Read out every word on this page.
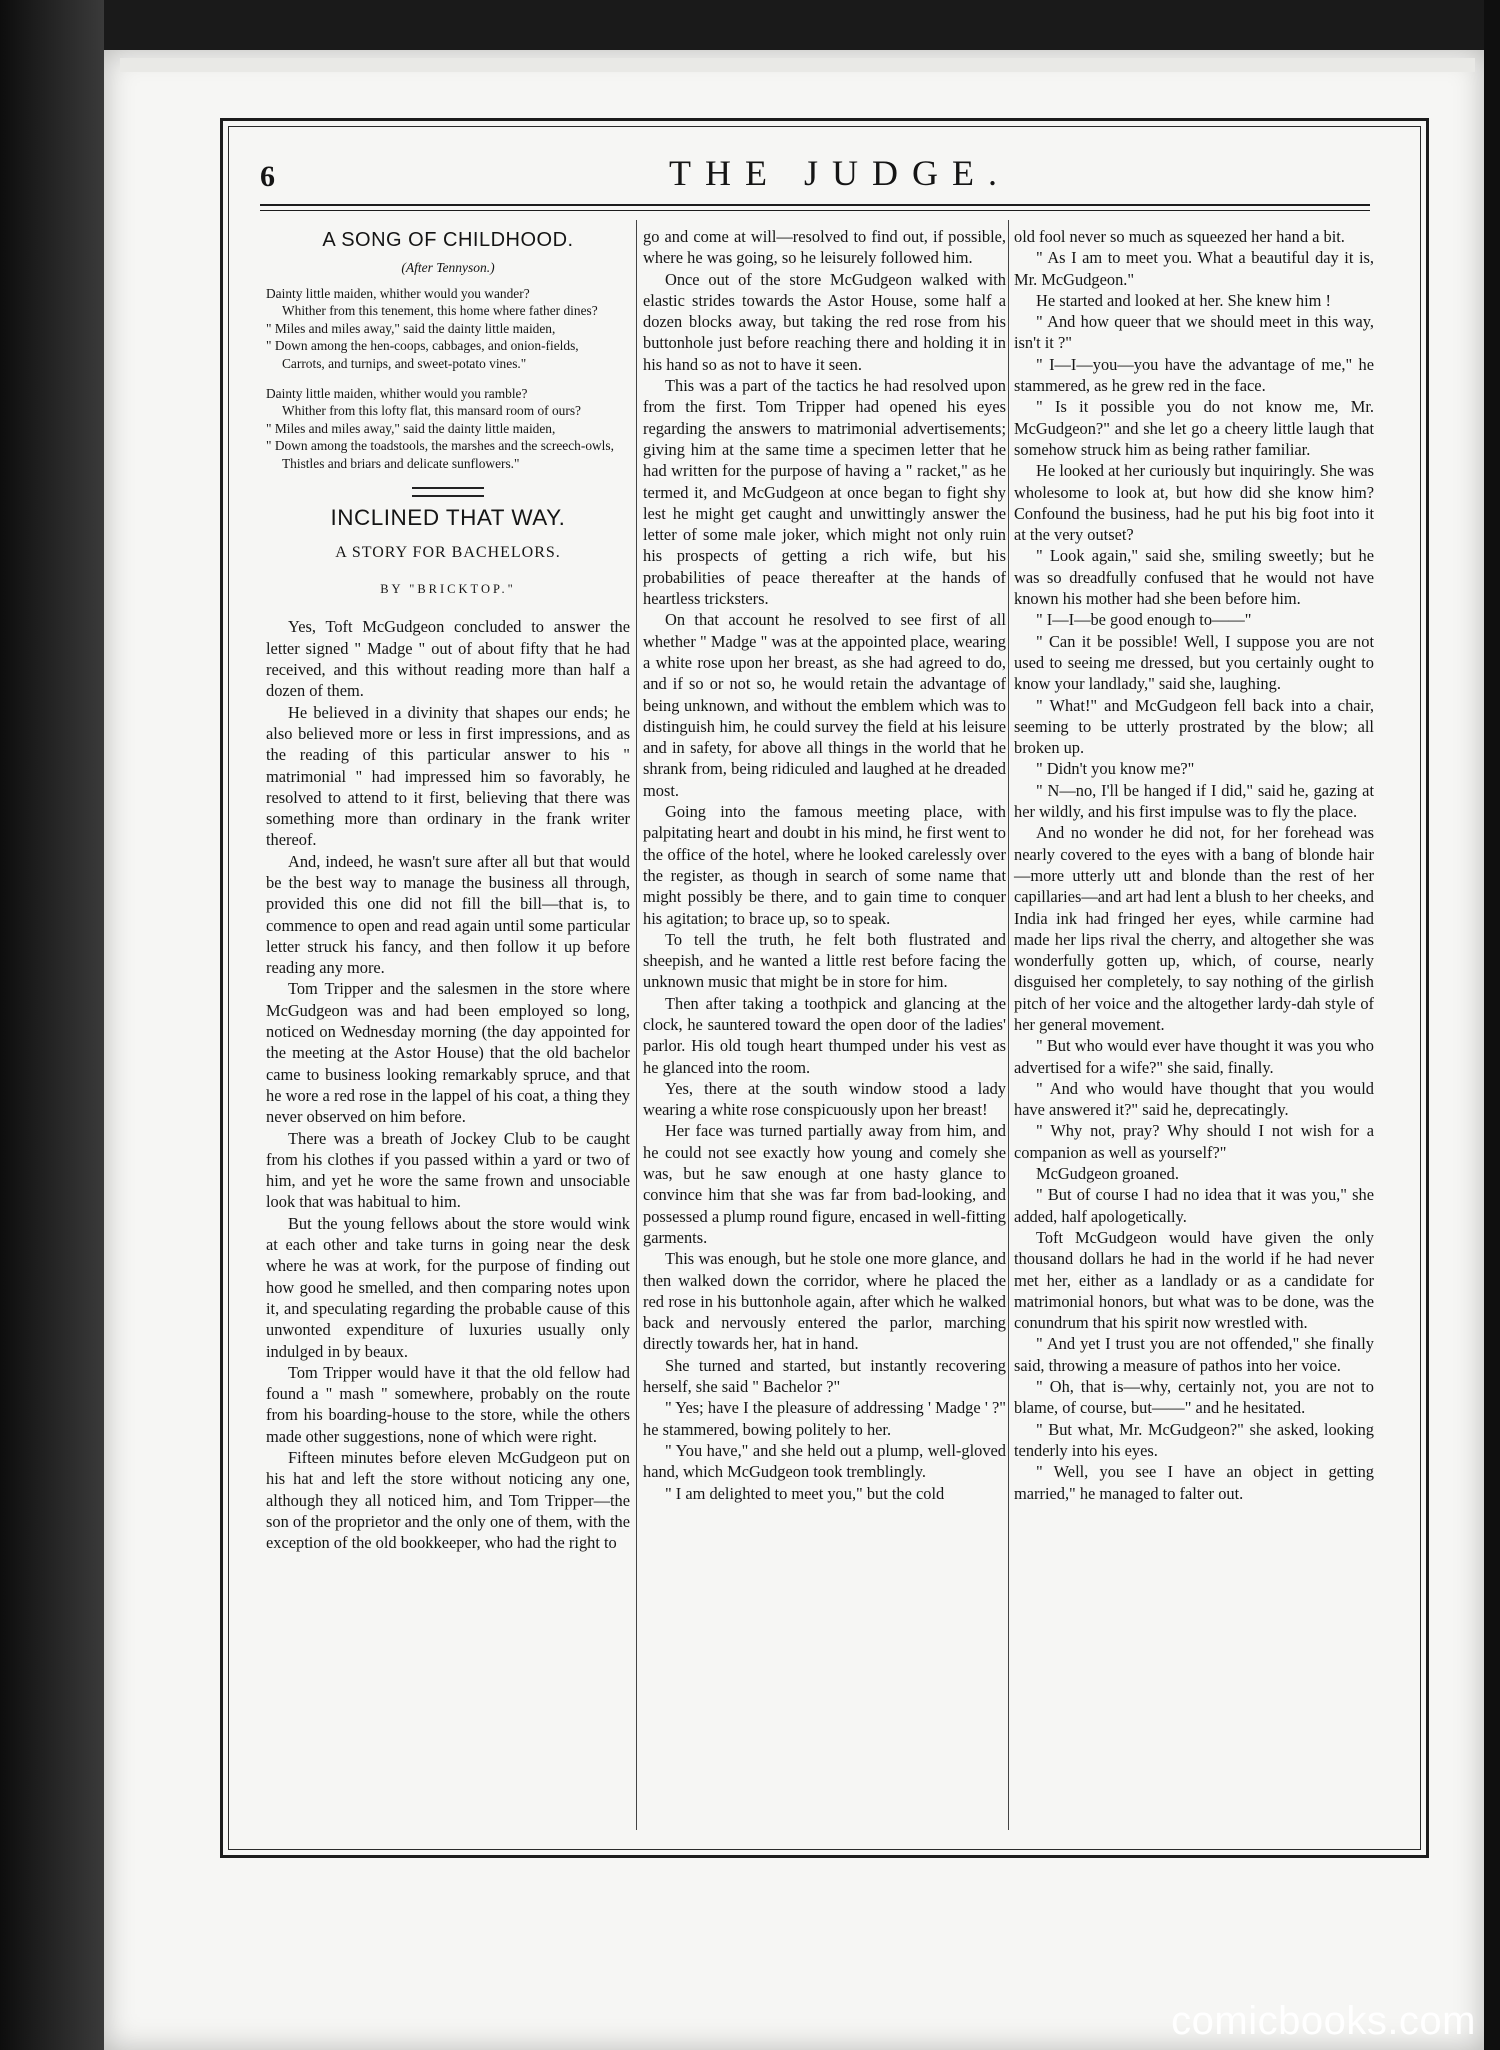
6	THE JUDGE.
A SONG OF CHILDHOOD.
(After Tennyson.)

Dainty little maiden, whither would you wander?

Whither from this tenement, this home where father dines?

" Miles and miles away," said the dainty little maiden,

" Down among the hen-coops, cabbages, and onion-fields,

Carrots, and turnips, and sweet-potato vines."

Dainty little maiden, whither would you ramble?

Whither from this lofty flat, this mansard room of ours?

" Miles and miles away," said the dainty little maiden,

" Down among the toadstools, the marshes and the screech-owls,

Thistles and briars and delicate sunflowers."

INCLINED THAT WAY.
A STORY FOR BACHELORS.
BY "BRICKTOP."

Yes, Toft McGudgeon concluded to answer the letter signed " Madge " out of about fifty that he had received, and this without reading more than half a dozen of them.

He believed in a divinity that shapes our ends; he also believed more or less in first impressions, and as the reading of this particular answer to his " matrimonial " had impressed him so favorably, he resolved to attend to it first, believing that there was something more than ordinary in the frank writer thereof.

And, indeed, he wasn't sure after all but that would be the best way to manage the business all through, provided this one did not fill the bill—that is, to commence to open and read again until some particular letter struck his fancy, and then follow it up before reading any more.

Tom Tripper and the salesmen in the store where McGudgeon was and had been employed so long, noticed on Wednesday morning (the day appointed for the meeting at the Astor House) that the old bachelor came to business looking remarkably spruce, and that he wore a red rose in the lappel of his coat, a thing they never observed on him before.

There was a breath of Jockey Club to be caught from his clothes if you passed within a yard or two of him, and yet he wore the same frown and unsociable look that was habitual to him.

But the young fellows about the store would wink at each other and take turns in going near the desk where he was at work, for the purpose of finding out how good he smelled, and then comparing notes upon it, and speculating regarding the probable cause of this unwonted expenditure of luxuries usually only indulged in by beaux.

Tom Tripper would have it that the old fellow had found a " mash " somewhere, probably on the route from his boarding-house to the store, while the others made other suggestions, none of which were right.

Fifteen minutes before eleven McGudgeon put on his hat and left the store without noticing any one, although they all noticed him, and Tom Tripper—the son of the proprietor and the only one of them, with the exception of the old bookkeeper, who had the right to

go and come at will—resolved to find out, if possible, where he was going, so he leisurely followed him.

Once out of the store McGudgeon walked with elastic strides towards the Astor House, some half a dozen blocks away, but taking the red rose from his buttonhole just before reaching there and holding it in his hand so as not to have it seen.

This was a part of the tactics he had resolved upon from the first. Tom Tripper had opened his eyes regarding the answers to matrimonial advertisements; giving him at the same time a specimen letter that he had written for the purpose of having a " racket," as he termed it, and McGudgeon at once began to fight shy lest he might get caught and unwittingly answer the letter of some male joker, which might not only ruin his prospects of getting a rich wife, but his probabilities of peace thereafter at the hands of heartless tricksters.

On that account he resolved to see first of all whether " Madge " was at the appointed place, wearing a white rose upon her breast, as she had agreed to do, and if so or not so, he would retain the advantage of being unknown, and without the emblem which was to distinguish him, he could survey the field at his leisure and in safety, for above all things in the world that he shrank from, being ridiculed and laughed at he dreaded most.

Going into the famous meeting place, with palpitating heart and doubt in his mind, he first went to the office of the hotel, where he looked carelessly over the register, as though in search of some name that might possibly be there, and to gain time to conquer his agitation; to brace up, so to speak.

To tell the truth, he felt both flustrated and sheepish, and he wanted a little rest before facing the unknown music that might be in store for him.

Then after taking a toothpick and glancing at the clock, he sauntered toward the open door of the ladies' parlor. His old tough heart thumped under his vest as he glanced into the room.

Yes, there at the south window stood a lady wearing a white rose conspicuously upon her breast!

Her face was turned partially away from him, and he could not see exactly how young and comely she was, but he saw enough at one hasty glance to convince him that she was far from bad-looking, and possessed a plump round figure, encased in well-fitting garments.

This was enough, but he stole one more glance, and then walked down the corridor, where he placed the red rose in his buttonhole again, after which he walked back and nervously entered the parlor, marching directly towards her, hat in hand.

She turned and started, but instantly recovering herself, she said " Bachelor ?"

" Yes; have I the pleasure of addressing ' Madge ' ?" he stammered, bowing politely to her.

" You have," and she held out a plump, well-gloved hand, which McGudgeon took tremblingly.

" I am delighted to meet you," but the cold

old fool never so much as squeezed her hand a bit.

" As I am to meet you. What a beautiful day it is, Mr. McGudgeon."

He started and looked at her. She knew him !

" And how queer that we should meet in this way, isn't it ?"

" I—I—you—you have the advantage of me," he stammered, as he grew red in the face.

" Is it possible you do not know me, Mr. McGudgeon?" and she let go a cheery little laugh that somehow struck him as being rather familiar.

He looked at her curiously but inquiringly. She was wholesome to look at, but how did she know him? Confound the business, had he put his big foot into it at the very outset?

" Look again," said she, smiling sweetly; but he was so dreadfully confused that he would not have known his mother had she been before him.

" I—I—be good enough to——"

" Can it be possible! Well, I suppose you are not used to seeing me dressed, but you certainly ought to know your landlady," said she, laughing.

" What!" and McGudgeon fell back into a chair, seeming to be utterly prostrated by the blow; all broken up.

" Didn't you know me?"

" N—no, I'll be hanged if I did," said he, gazing at her wildly, and his first impulse was to fly the place.

And no wonder he did not, for her forehead was nearly covered to the eyes with a bang of blonde hair—more utterly utt and blonde than the rest of her capillaries—and art had lent a blush to her cheeks, and India ink had fringed her eyes, while carmine had made her lips rival the cherry, and altogether she was wonderfully gotten up, which, of course, nearly disguised her completely, to say nothing of the girlish pitch of her voice and the altogether lardy-dah style of her general movement.

" But who would ever have thought it was you who advertised for a wife?" she said, finally.

" And who would have thought that you would have answered it?" said he, deprecatingly.

" Why not, pray? Why should I not wish for a companion as well as yourself?"

McGudgeon groaned.

" But of course I had no idea that it was you," she added, half apologetically.

Toft McGudgeon would have given the only thousand dollars he had in the world if he had never met her, either as a landlady or as a candidate for matrimonial honors, but what was to be done, was the conundrum that his spirit now wrestled with.

" And yet I trust you are not offended," she finally said, throwing a measure of pathos into her voice.

" Oh, that is—why, certainly not, you are not to blame, of course, but——" and he hesitated.

" But what, Mr. McGudgeon?" she asked, looking tenderly into his eyes.

" Well, you see I have an object in getting married," he managed to falter out.

comicbooks.com
